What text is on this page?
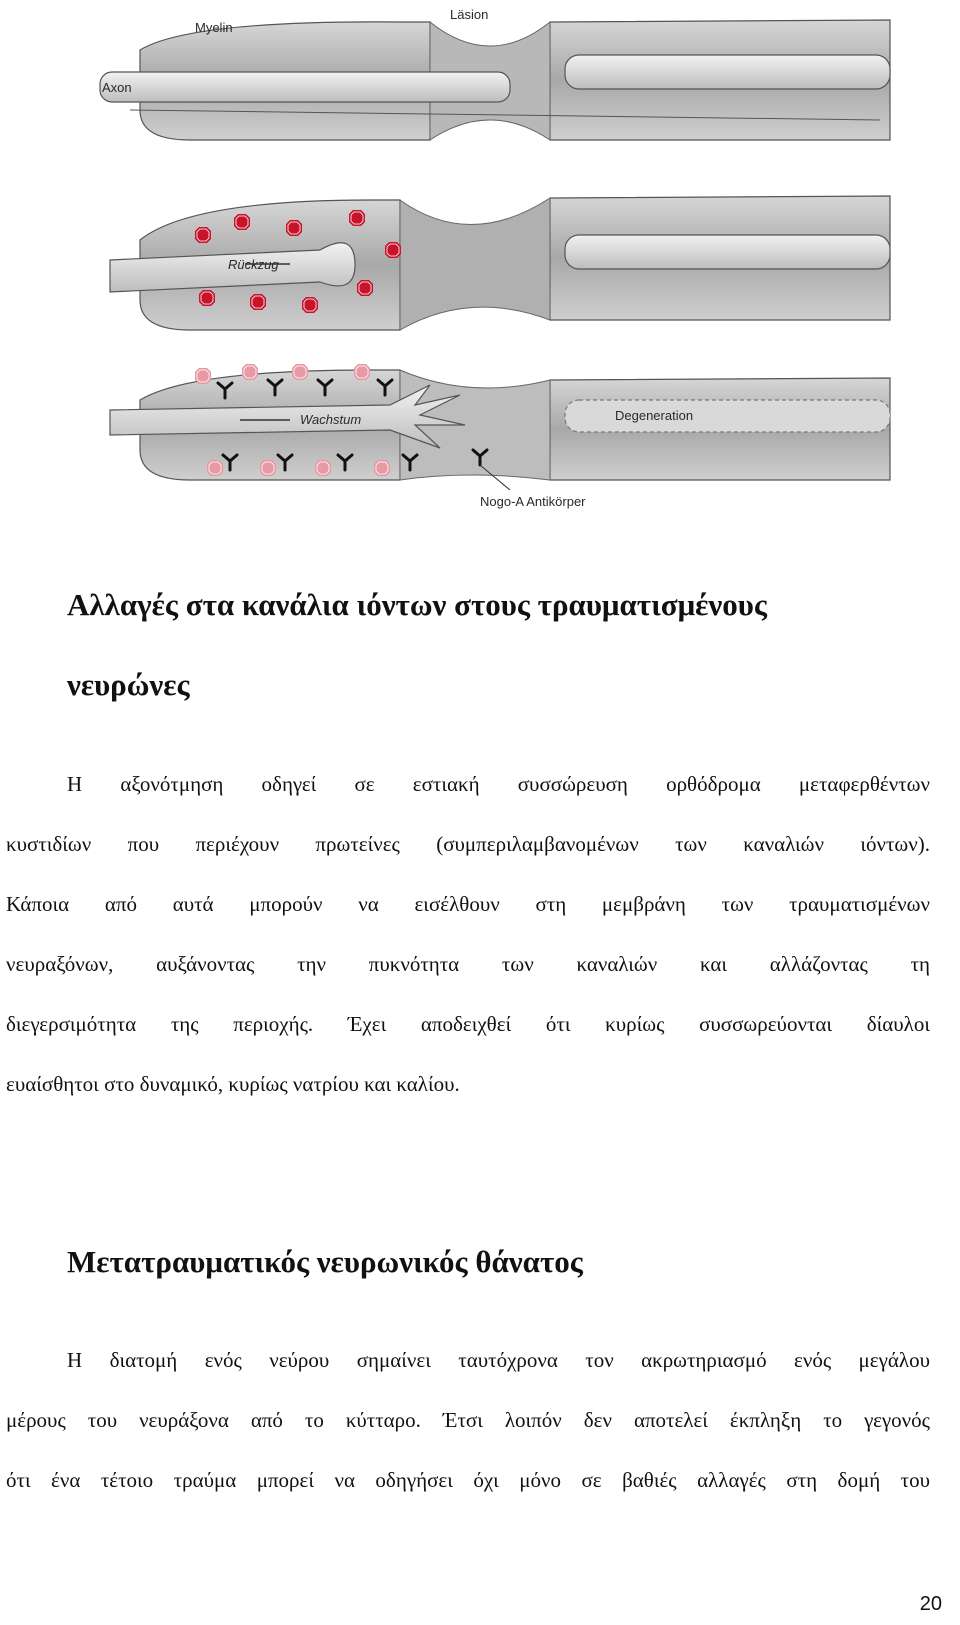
Myelin
Läsion
Axon
Rückzug
Wachstum	Degeneration
Nogo-A Antikörper
Αλλαγές στα κανάλια ιόντων στους τραυματισμένους
νευρώνες
Η αξονότμηση οδηγεί σε εστιακή συσσώρευση ορθόδρομα μεταφερθέντων
κυστιδίων που περιέχουν πρωτείνες (συμπεριλαμβανομένων των καναλιών ιόντων).
Κάποια από αυτά μπορούν να εισέλθουν στη μεμβράνη των τραυματισμένων
νευραξόνων, αυξάνοντας την πυκνότητα των καναλιών και αλλάζοντας τη
διεγερσιμότητα της περιοχής. Έχει αποδειχθεί ότι κυρίως συσσωρεύονται δίαυλοι
ευαίσθητοι στο δυναμικό, κυρίως νατρίου και καλίου.
Μετατραυματικός νευρωνικός θάνατος
Η διατομή ενός νεύρου σημαίνει ταυτόχρονα τον ακρωτηριασμό ενός μεγάλου
μέρους του νευράξονα από το κύτταρο. Έτσι λοιπόν δεν αποτελεί έκπληξη το γεγονός
ότι ένα τέτοιο τραύμα μπορεί να οδηγήσει όχι μόνο σε βαθιές αλλαγές στη δομή του
20
